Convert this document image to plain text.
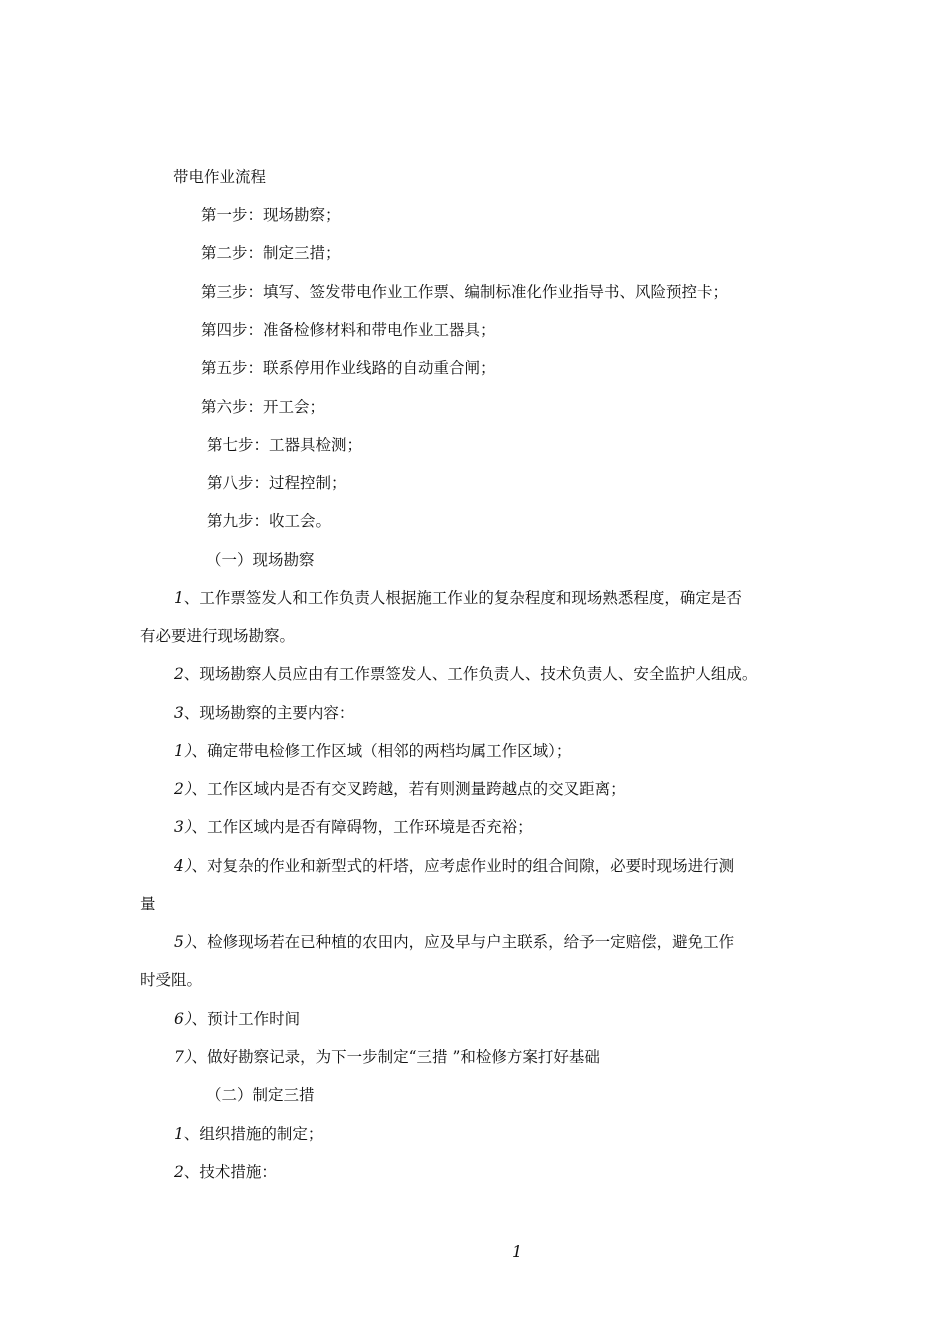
带电作业流程
第一步：现场勘察；
第二步：制定三措；
第三步：填写、签发带电作业工作票、编制标准化作业指导书、风险预控卡；
第四步：准备检修材料和带电作业工器具；
第五步：联系停用作业线路的自动重合闸；
第六步：开工会；
第七步：工器具检测；
第八步：过程控制；
第九步：收工会。
（一）现场勘察
1、工作票签发人和工作负责人根据施工作业的复杂程度和现场熟悉程度，确定是否
有必要进行现场勘察。
2、现场勘察人员应由有工作票签发人、工作负责人、技术负责人、安全监护人组成。
3、现场勘察的主要内容：
1）、确定带电检修工作区域（相邻的两档均属工作区域）；
2）、工作区域内是否有交叉跨越，若有则测量跨越点的交叉距离；
3）、工作区域内是否有障碍物，工作环境是否充裕；
4）、对复杂的作业和新型式的杆塔，应考虑作业时的组合间隙，必要时现场进行测
量
5）、检修现场若在已种植的农田内，应及早与户主联系，给予一定赔偿，避免工作
时受阻。
6）、预计工作时间
7）、做好勘察记录，为下一步制定“三措 ”和检修方案打好基础
（二）制定三措
1、组织措施的制定；
2、技术措施：
1
